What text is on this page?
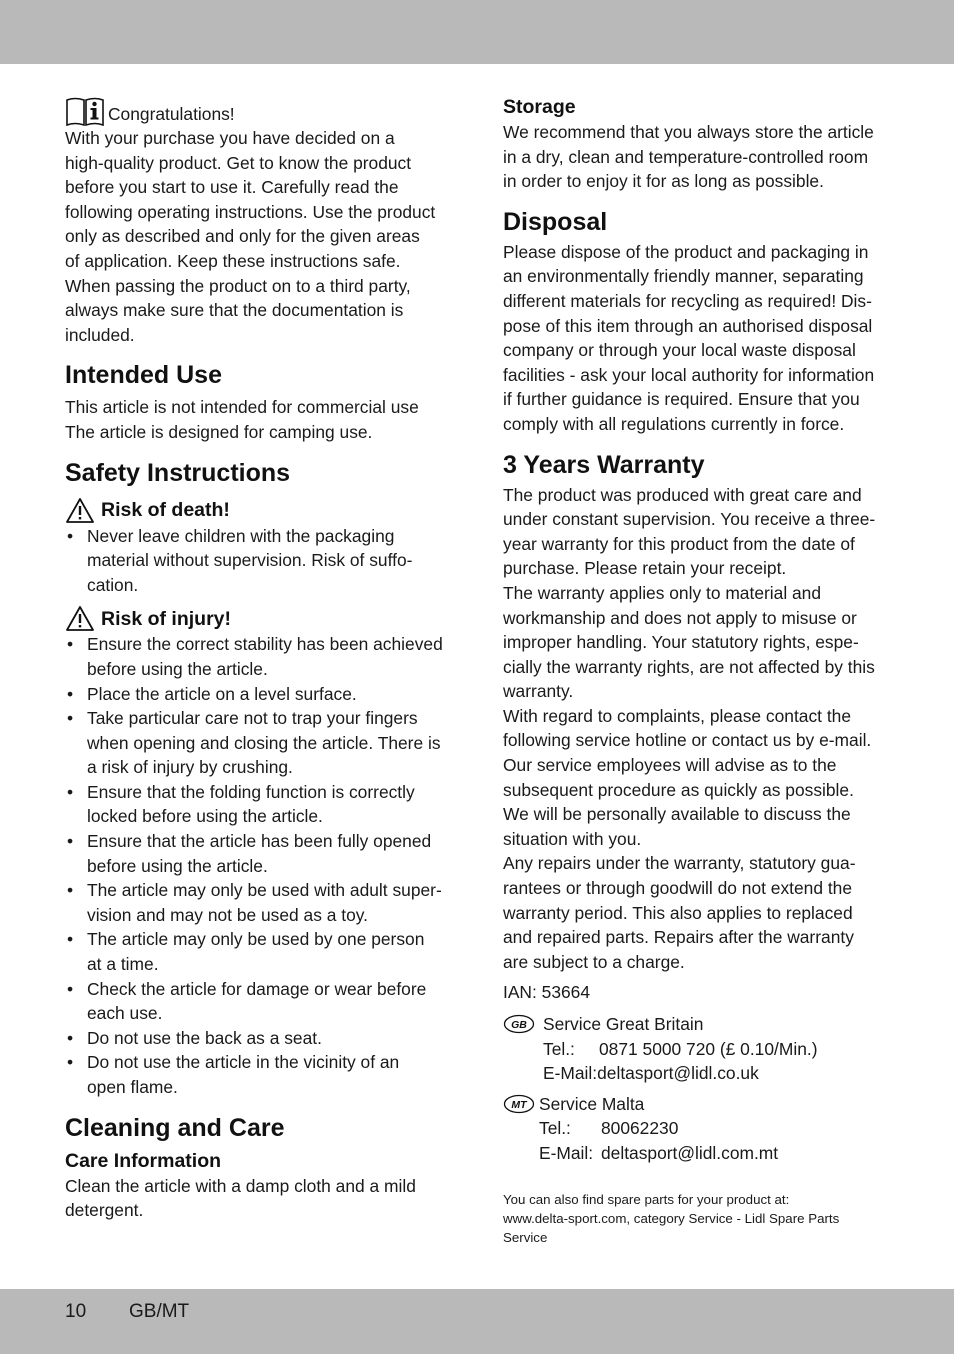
Congratulations!

With your purchase you have decided on a

high-quality product. Get to know the product

before you start to use it. Carefully read the

following operating instructions. Use the product

only as described and only for the given areas

of application. Keep these instructions safe.

When passing the product on to a third party,

always make sure that the documentation is

included.

Intended Use

This article is not intended for commercial use

The article is designed for camping use.

Safety Instructions
Risk of death!
• Never leave children with the packaging

material without supervision. Risk of suffo-

cation.

Risk of injury!
• Ensure the correct stability has been achieved

before using the article.

• Place the article on a level surface.

• Take particular care not to trap your fingers

when opening and closing the article. There is

a risk of injury by crushing.

• Ensure that the folding function is correctly

locked before using the article.

• Ensure that the article has been fully opened

before using the article.

• The article may only be used with adult super-

vision and may not be used as a toy.

• The article may only be used by one person

at a time.

• Check the article for damage or wear before

each use.

• Do not use the back as a seat.

• Do not use the article in the vicinity of an

open flame.

Cleaning and Care
Care Information

Clean the article with a damp cloth and a mild

detergent.

Storage

We recommend that you always store the article

in a dry, clean and temperature-controlled room

in order to enjoy it for as long as possible.

Disposal

Please dispose of the product and packaging in

an environmentally friendly manner, separating

different materials for recycling as required! Dis-

pose of this item through an authorised disposal

company or through your local waste disposal

facilities - ask your local authority for information

if further guidance is required. Ensure that you

comply with all regulations currently in force.

3 Years Warranty

The product was produced with great care and

under constant supervision. You receive a three-

year warranty for this product from the date of

purchase. Please retain your receipt.

The warranty applies only to material and

workmanship and does not apply to misuse or

improper handling. Your statutory rights, espe-

cially the warranty rights, are not affected by this

warranty.

With regard to complaints, please contact the

following service hotline or contact us by e-mail.

Our service employees will advise as to the

subsequent procedure as quickly as possible.

We will be personally available to discuss the

situation with you.

Any repairs under the warranty, statutory gua-

rantees or through goodwill do not extend the

warranty period. This also applies to replaced

and repaired parts. Repairs after the warranty

are subject to a charge.

IAN: 53664

GB Service Great Britain

Tel.:	0871 5000 720 (£ 0.10/Min.)

E-Mail:deltasport@lidl.co.uk

MT Service Malta

Tel.:	80062230
E-Mail: deltasport@lidl.com.mt

You can also find spare parts for your product at:

www.delta-sport.com, category Service - Lidl Spare Parts

Service

10 GB/MT
